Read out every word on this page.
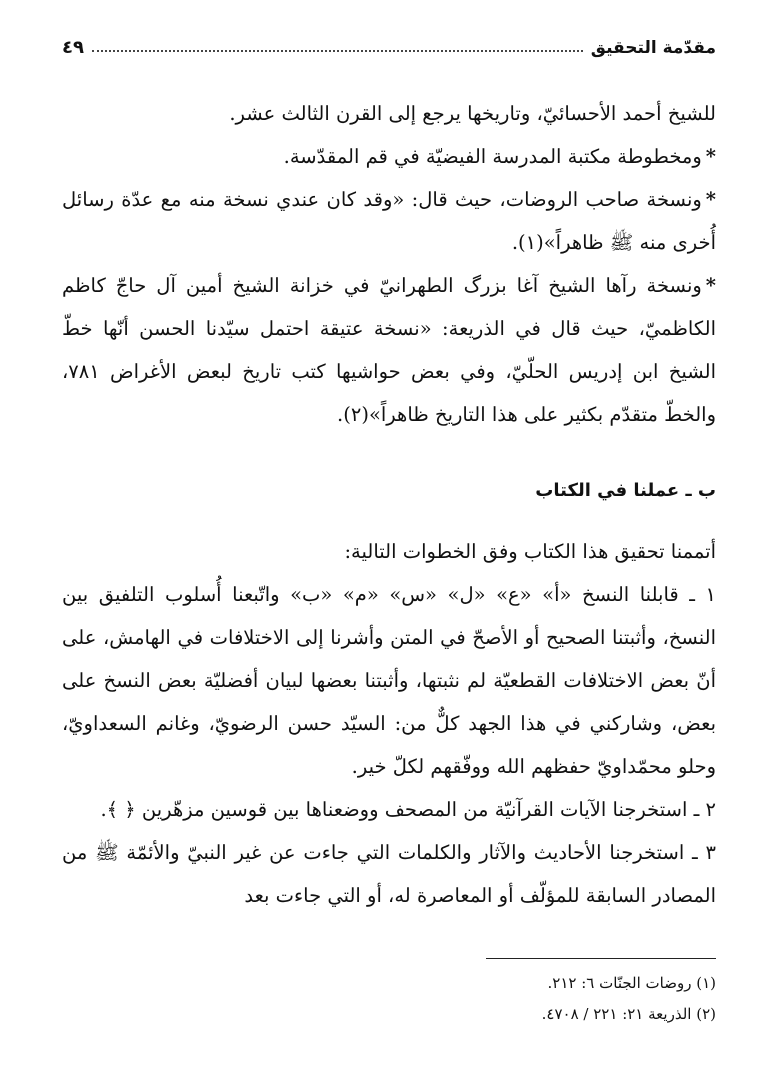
مقدّمة التحقيق
٤٩

للشيخ أحمد الأحسائيّ، وتاريخها يرجع إلى القرن الثالث عشر.

*ومخطوطة مكتبة المدرسة الفيضيّة في قم المقدّسة.

*ونسخة صاحب الروضات، حيث قال: «وقد كان عندي نسخة منه مع عدّة رسائل أُخرى منه ﷺ ظاهراً»(١).

*ونسخة رآها الشيخ آغا بزرگ الطهرانيّ في خزانة الشيخ أمين آل حاجّ كاظم الكاظميّ، حيث قال في الذريعة: «نسخة عتيقة احتمل سيّدنا الحسن أنّها خطّ الشيخ ابن إدريس الحلّيّ، وفي بعض حواشيها كتب تاريخ لبعض الأغراض ٧٨١، والخطّ متقدّم بكثير على هذا التاريخ ظاهراً»(٢).

ب ـ عملنا في الكتاب

أتممنا تحقيق هذا الكتاب وفق الخطوات التالية:

١ ـ قابلنا النسخ «أ» «ع» «ل» «س» «م» «ب» واتّبعنا أُسلوب التلفيق بين النسخ، وأثبتنا الصحيح أو الأصحّ في المتن وأشرنا إلى الاختلافات في الهامش، على أنّ بعض الاختلافات القطعيّة لم نثبتها، وأثبتنا بعضها لبيان أفضليّة بعض النسخ على بعض، وشاركني في هذا الجهد كلٌّ من: السيّد حسن الرضويّ، وغانم السعداويّ، وحلو محمّداويّ حفظهم الله ووفّقهم لكلّ خير.

٢ ـ استخرجنا الآيات القرآنيّة من المصحف ووضعناها بين قوسين مزهّرين ﴿ ﴾.

٣ ـ استخرجنا الأحاديث والآثار والكلمات التي جاءت عن غير النبيّ والأئمّة ﷺ من المصادر السابقة للمؤلّف أو المعاصرة له، أو التي جاءت بعد

(١) روضات الجنّات ٦: ٢١٢.
(٢) الذريعة ٢١: ٢٢١ / ٤٧٠٨.
